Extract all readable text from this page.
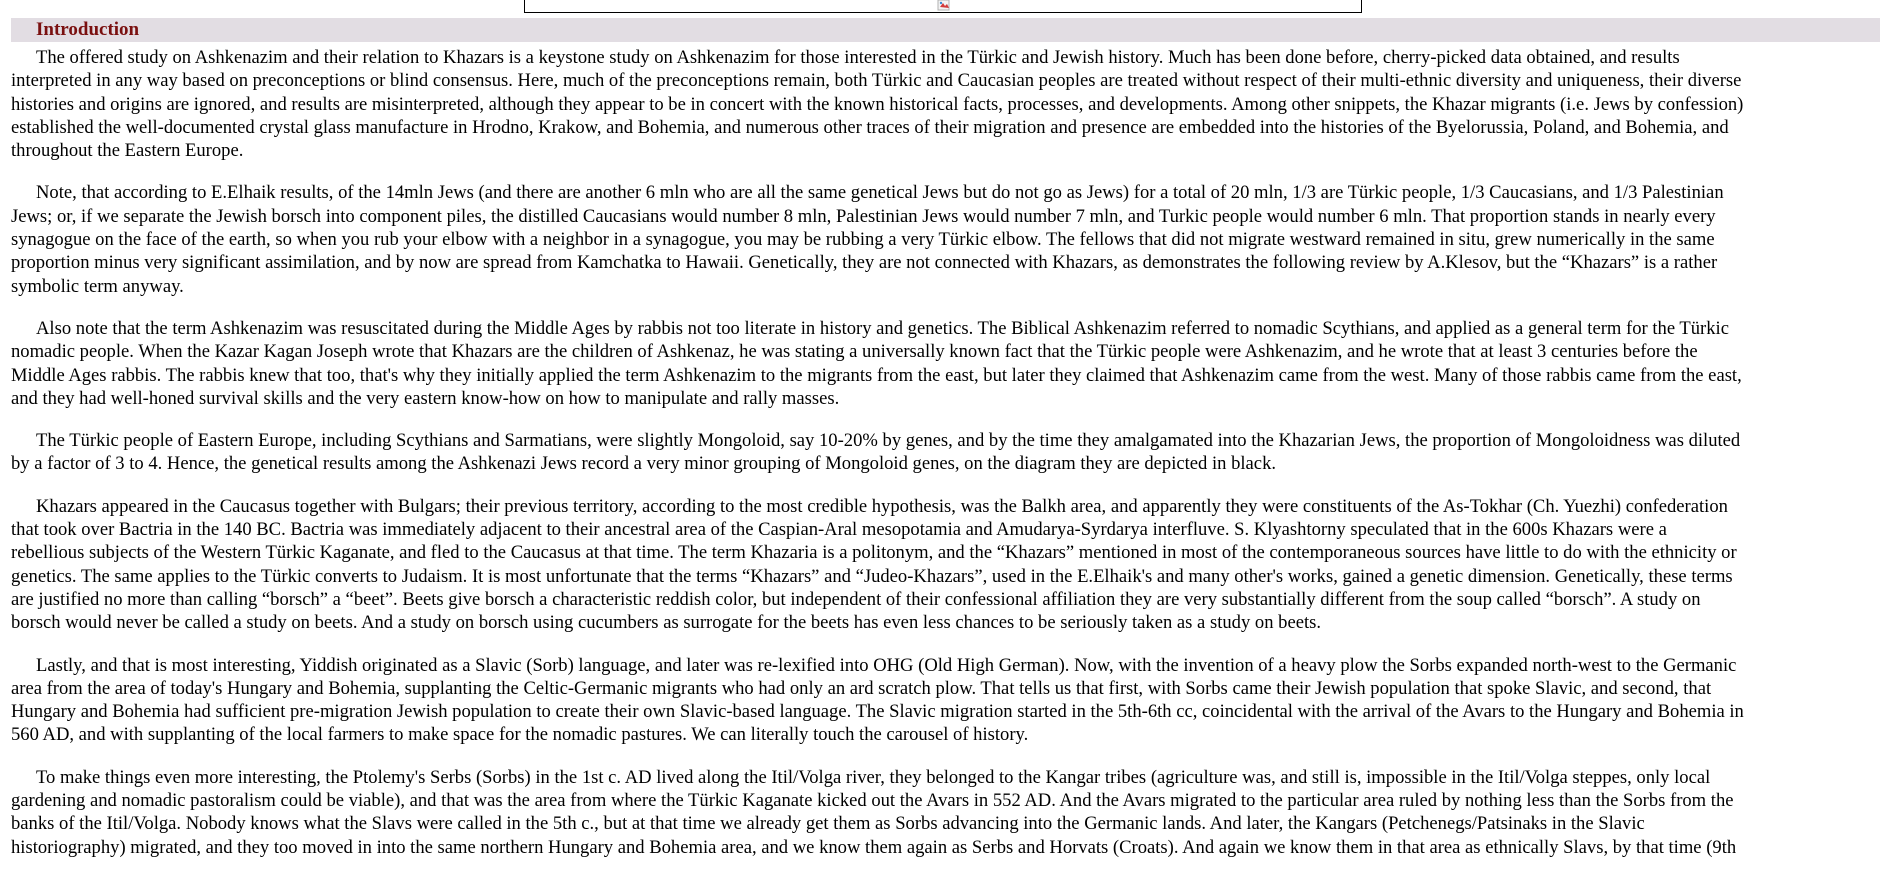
Introduction

The offered study on Ashkenazim and their relation to Khazars is a keystone study on Ashkenazim for those interested in the Türkic and Jewish history. Much has been done before, cherry-picked data obtained, and results
interpreted in any way based on preconceptions or blind consensus. Here, much of the preconceptions remain, both Türkic and Caucasian peoples are treated without respect of their multi-ethnic diversity and uniqueness, their diverse
histories and origins are ignored, and results are misinterpreted, although they appear to be in concert with the known historical facts, processes, and developments. Among other snippets, the Khazar migrants (i.e. Jews by confession)
established the well-documented crystal glass manufacture in Hrodno, Krakow, and Bohemia, and numerous other traces of their migration and presence are embedded into the histories of the Byelorussia, Poland, and Bohemia, and
throughout the Eastern Europe.

Note, that according to E.Elhaik results, of the 14mln Jews (and there are another 6 mln who are all the same genetical Jews but do not go as Jews) for a total of 20 mln, 1/3 are Türkic people, 1/3 Caucasians, and 1/3 Palestinian
Jews; or, if we separate the Jewish borsch into component piles, the distilled Caucasians would number 8 mln, Palestinian Jews would number 7 mln, and Turkic people would number 6 mln. That proportion stands in nearly every
synagogue on the face of the earth, so when you rub your elbow with a neighbor in a synagogue, you may be rubbing a very Türkic elbow. The fellows that did not migrate westward remained in situ, grew numerically in the same
proportion minus very significant assimilation, and by now are spread from Kamchatka to Hawaii. Genetically, they are not connected with Khazars, as demonstrates the following review by A.Klesov, but the “Khazars” is a rather
symbolic term anyway.

Also note that the term Ashkenazim was resuscitated during the Middle Ages by rabbis not too literate in history and genetics. The Biblical Ashkenazim referred to nomadic Scythians, and applied as a general term for the Türkic
nomadic people. When the Kazar Kagan Joseph wrote that Khazars are the children of Ashkenaz, he was stating a universally known fact that the Türkic people were Ashkenazim, and he wrote that at least 3 centuries before the
Middle Ages rabbis. The rabbis knew that too, that's why they initially applied the term Ashkenazim to the migrants from the east, but later they claimed that Ashkenazim came from the west. Many of those rabbis came from the east,
and they had well-honed survival skills and the very eastern know-how on how to manipulate and rally masses.

The Türkic people of Eastern Europe, including Scythians and Sarmatians, were slightly Mongoloid, say 10-20% by genes, and by the time they amalgamated into the Khazarian Jews, the proportion of Mongoloidness was diluted
by a factor of 3 to 4. Hence, the genetical results among the Ashkenazi Jews record a very minor grouping of Mongoloid genes, on the diagram they are depicted in black.

Khazars appeared in the Caucasus together with Bulgars; their previous territory, according to the most credible hypothesis, was the Balkh area, and apparently they were constituents of the As-Tokhar (Ch. Yuezhi) confederation
that took over Bactria in the 140 BC. Bactria was immediately adjacent to their ancestral area of the Caspian-Aral mesopotamia and Amudarya-Syrdarya interfluve. S. Klyashtorny speculated that in the 600s Khazars were a
rebellious subjects of the Western Türkic Kaganate, and fled to the Caucasus at that time. The term Khazaria is a politonym, and the “Khazars” mentioned in most of the contemporaneous sources have little to do with the ethnicity or
genetics. The same applies to the Türkic converts to Judaism. It is most unfortunate that the terms “Khazars” and “Judeo-Khazars”, used in the E.Elhaik's and many other's works, gained a genetic dimension. Genetically, these terms
are justified no more than calling “borsch” a “beet”. Beets give borsch a characteristic reddish color, but independent of their confessional affiliation they are very substantially different from the soup called “borsch”. A study on
borsch would never be called a study on beets. And a study on borsch using cucumbers as surrogate for the beets has even less chances to be seriously taken as a study on beets.

Lastly, and that is most interesting, Yiddish originated as a Slavic (Sorb) language, and later was re-lexified into OHG (Old High German). Now, with the invention of a heavy plow the Sorbs expanded north-west to the Germanic
area from the area of today's Hungary and Bohemia, supplanting the Celtic-Germanic migrants who had only an ard scratch plow. That tells us that first, with Sorbs came their Jewish population that spoke Slavic, and second, that
Hungary and Bohemia had sufficient pre-migration Jewish population to create their own Slavic-based language. The Slavic migration started in the 5th-6th cc, coincidental with the arrival of the Avars to the Hungary and Bohemia in
560 AD, and with supplanting of the local farmers to make space for the nomadic pastures. We can literally touch the carousel of history.

To make things even more interesting, the Ptolemy's Serbs (Sorbs) in the 1st c. AD lived along the Itil/Volga river, they belonged to the Kangar tribes (agriculture was, and still is, impossible in the Itil/Volga steppes, only local
gardening and nomadic pastoralism could be viable), and that was the area from where the Türkic Kaganate kicked out the Avars in 552 AD. And the Avars migrated to the particular area ruled by nothing less than the Sorbs from the
banks of the Itil/Volga. Nobody knows what the Slavs were called in the 5th c., but at that time we already get them as Sorbs advancing into the Germanic lands. And later, the Kangars (Petchenegs/Patsinaks in the Slavic
historiography) migrated, and they too moved in into the same northern Hungary and Bohemia area, and we know them again as Serbs and Horvats (Croats). And again we know them in that area as ethnically Slavs, by that time (9th
